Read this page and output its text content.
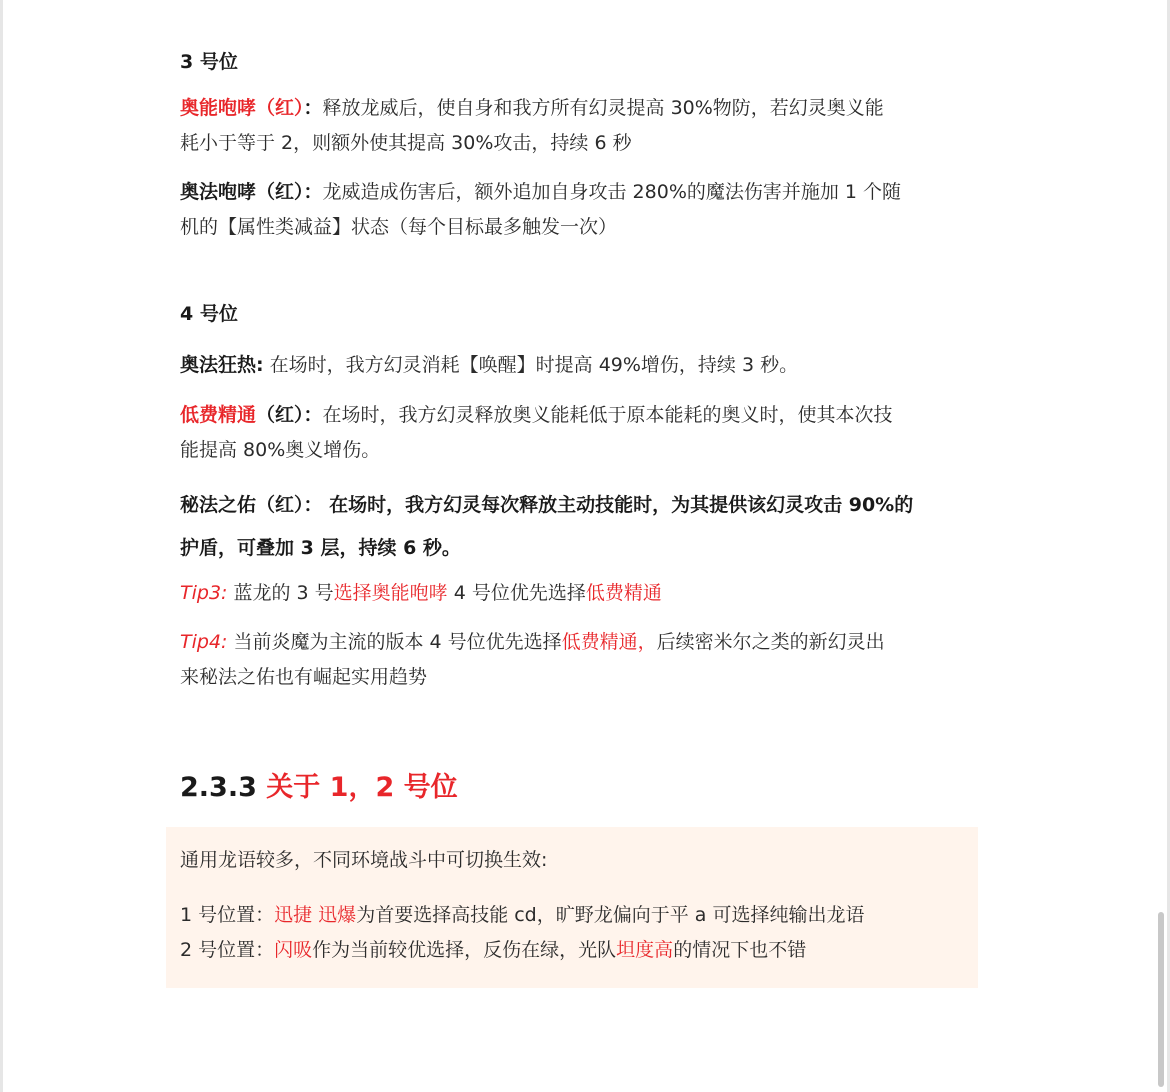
3 号位

奥能咆哮（红）：释放龙威后，使自身和我方所有幻灵提高 30%物防，若幻灵奥义能

耗小于等于 2，则额外使其提高 30%攻击，持续 6 秒

奥法咆哮（红）：龙威造成伤害后，额外追加自身攻击 280%的魔法伤害并施加 1 个随

机的【属性类减益】状态（每个目标最多触发一次）

4 号位

奥法狂热: 在场时，我方幻灵消耗【唤醒】时提高 49%增伤，持续 3 秒。

低费精通（红）：在场时，我方幻灵释放奥义能耗低于原本能耗的奥义时，使其本次技

能提高 80%奥义增伤。

秘法之佑（红）： 在场时，我方幻灵每次释放主动技能时，为其提供该幻灵攻击 90%的

护盾，可叠加 3 层，持续 6 秒。

Tip3: 蓝龙的 3 号选择奥能咆哮 4 号位优先选择低费精通

Tip4: 当前炎魔为主流的版本 4 号位优先选择低费精通，后续密米尔之类的新幻灵出

来秘法之佑也有崛起实用趋势

2.3.3 关于 1，2 号位

通用龙语较多，不同环境战斗中可切换生效:

1 号位置：迅捷 迅爆为首要选择高技能 cd，旷野龙偏向于平 a 可选择纯输出龙语

2 号位置：闪吸作为当前较优选择，反伤在绿，光队坦度高的情况下也不错
